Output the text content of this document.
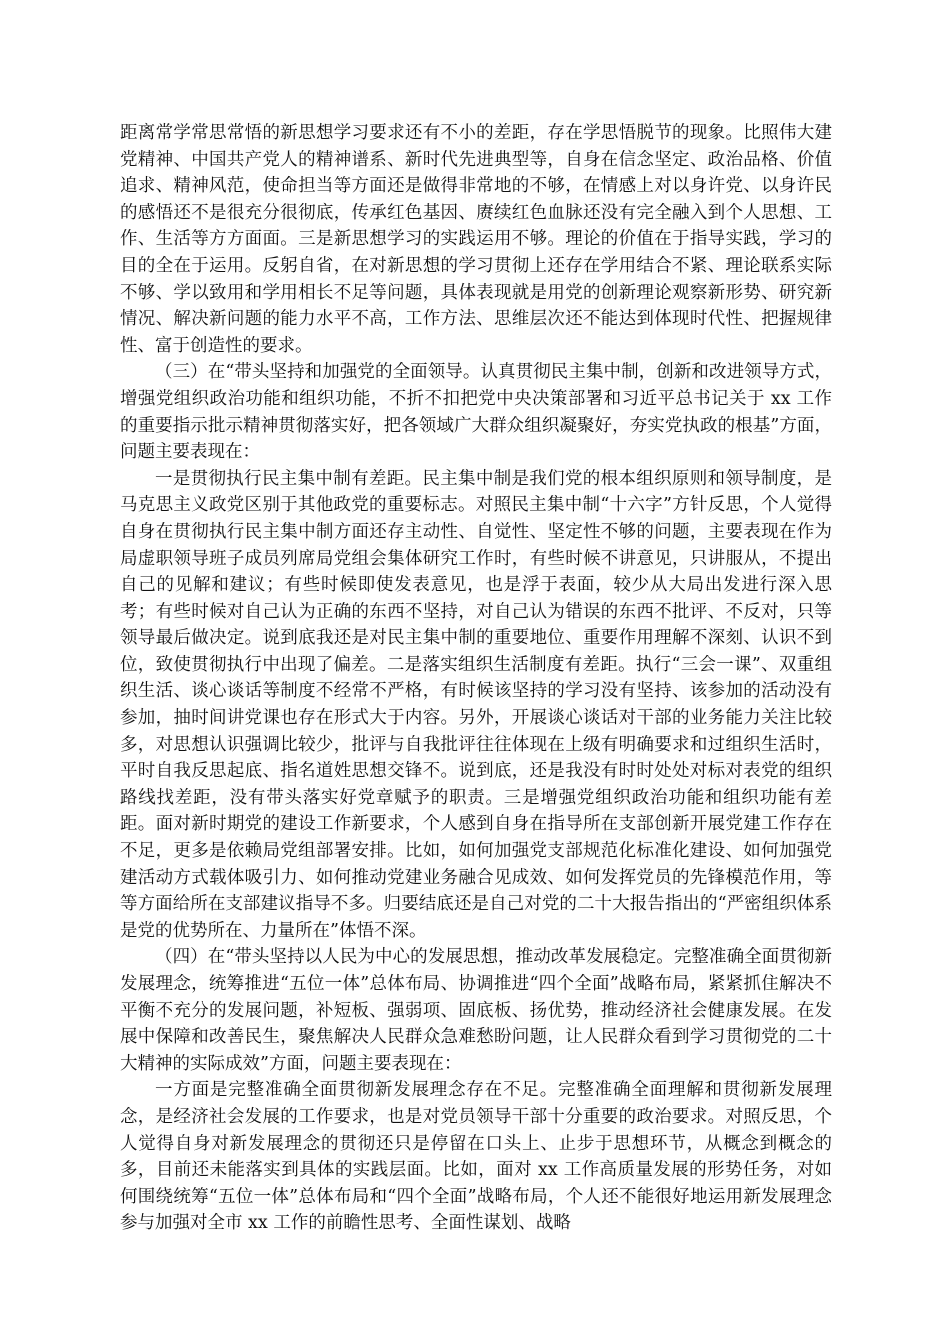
距离常学常思常悟的新思想学习要求还有不小的差距，存在学思悟脱节的现象。比照伟大建党精神、中国共产党人的精神谱系、新时代先进典型等，自身在信念坚定、政治品格、价值追求、精神风范，使命担当等方面还是做得非常地的不够，在情感上对以身许党、以身许民的感悟还不是很充分很彻底，传承红色基因、赓续红色血脉还没有完全融入到个人思想、工作、生活等方方面面。三是新思想学习的实践运用不够。理论的价值在于指导实践，学习的目的全在于运用。反躬自省，在对新思想的学习贯彻上还存在学用结合不紧、理论联系实际不够、学以致用和学用相长不足等问题，具体表现就是用党的创新理论观察新形势、研究新情况、解决新问题的能力水平不高，工作方法、思维层次还不能达到体现时代性、把握规律性、富于创造性的要求。

（三）在“带头坚持和加强党的全面领导。认真贯彻民主集中制，创新和改进领导方式，增强党组织政治功能和组织功能，不折不扣把党中央决策部署和习近平总书记关于 xx 工作的重要指示批示精神贯彻落实好，把各领域广大群众组织凝聚好，夯实党执政的根基”方面，问题主要表现在：

一是贯彻执行民主集中制有差距。民主集中制是我们党的根本组织原则和领导制度，是马克思主义政党区别于其他政党的重要标志。对照民主集中制“十六字”方针反思，个人觉得自身在贯彻执行民主集中制方面还存主动性、自觉性、坚定性不够的问题，主要表现在作为局虚职领导班子成员列席局党组会集体研究工作时，有些时候不讲意见，只讲服从，不提出自己的见解和建议；有些时候即使发表意见，也是浮于表面，较少从大局出发进行深入思考；有些时候对自己认为正确的东西不坚持，对自己认为错误的东西不批评、不反对，只等领导最后做决定。说到底我还是对民主集中制的重要地位、重要作用理解不深刻、认识不到位，致使贯彻执行中出现了偏差。二是落实组织生活制度有差距。执行“三会一课”、双重组织生活、谈心谈话等制度不经常不严格，有时候该坚持的学习没有坚持、该参加的活动没有参加，抽时间讲党课也存在形式大于内容。另外，开展谈心谈话对干部的业务能力关注比较多，对思想认识强调比较少，批评与自我批评往往体现在上级有明确要求和过组织生活时，平时自我反思起底、指名道姓思想交锋不。说到底，还是我没有时时处处对标对表党的组织路线找差距，没有带头落实好党章赋予的职责。三是增强党组织政治功能和组织功能有差距。面对新时期党的建设工作新要求，个人感到自身在指导所在支部创新开展党建工作存在不足，更多是依赖局党组部署安排。比如，如何加强党支部规范化标准化建设、如何加强党建活动方式载体吸引力、如何推动党建业务融合见成效、如何发挥党员的先锋模范作用，等等方面给所在支部建议指导不多。归要结底还是自己对党的二十大报告指出的“严密组织体系是党的优势所在、力量所在”体悟不深。

（四）在“带头坚持以人民为中心的发展思想，推动改革发展稳定。完整准确全面贯彻新发展理念，统筹推进“五位一体”总体布局、协调推进“四个全面”战略布局，紧紧抓住解决不平衡不充分的发展问题，补短板、强弱项、固底板、扬优势，推动经济社会健康发展。在发展中保障和改善民生，聚焦解决人民群众急难愁盼问题，让人民群众看到学习贯彻党的二十大精神的实际成效”方面，问题主要表现在：

一方面是完整准确全面贯彻新发展理念存在不足。完整准确全面理解和贯彻新发展理念，是经济社会发展的工作要求，也是对党员领导干部十分重要的政治要求。对照反思，个人觉得自身对新发展理念的贯彻还只是停留在口头上、止步于思想环节，从概念到概念的多，目前还未能落实到具体的实践层面。比如，面对 xx 工作高质量发展的形势任务，对如何围绕统筹“五位一体”总体布局和“四个全面”战略布局，个人还不能很好地运用新发展理念参与加强对全市 xx 工作的前瞻性思考、全面性谋划、战略
